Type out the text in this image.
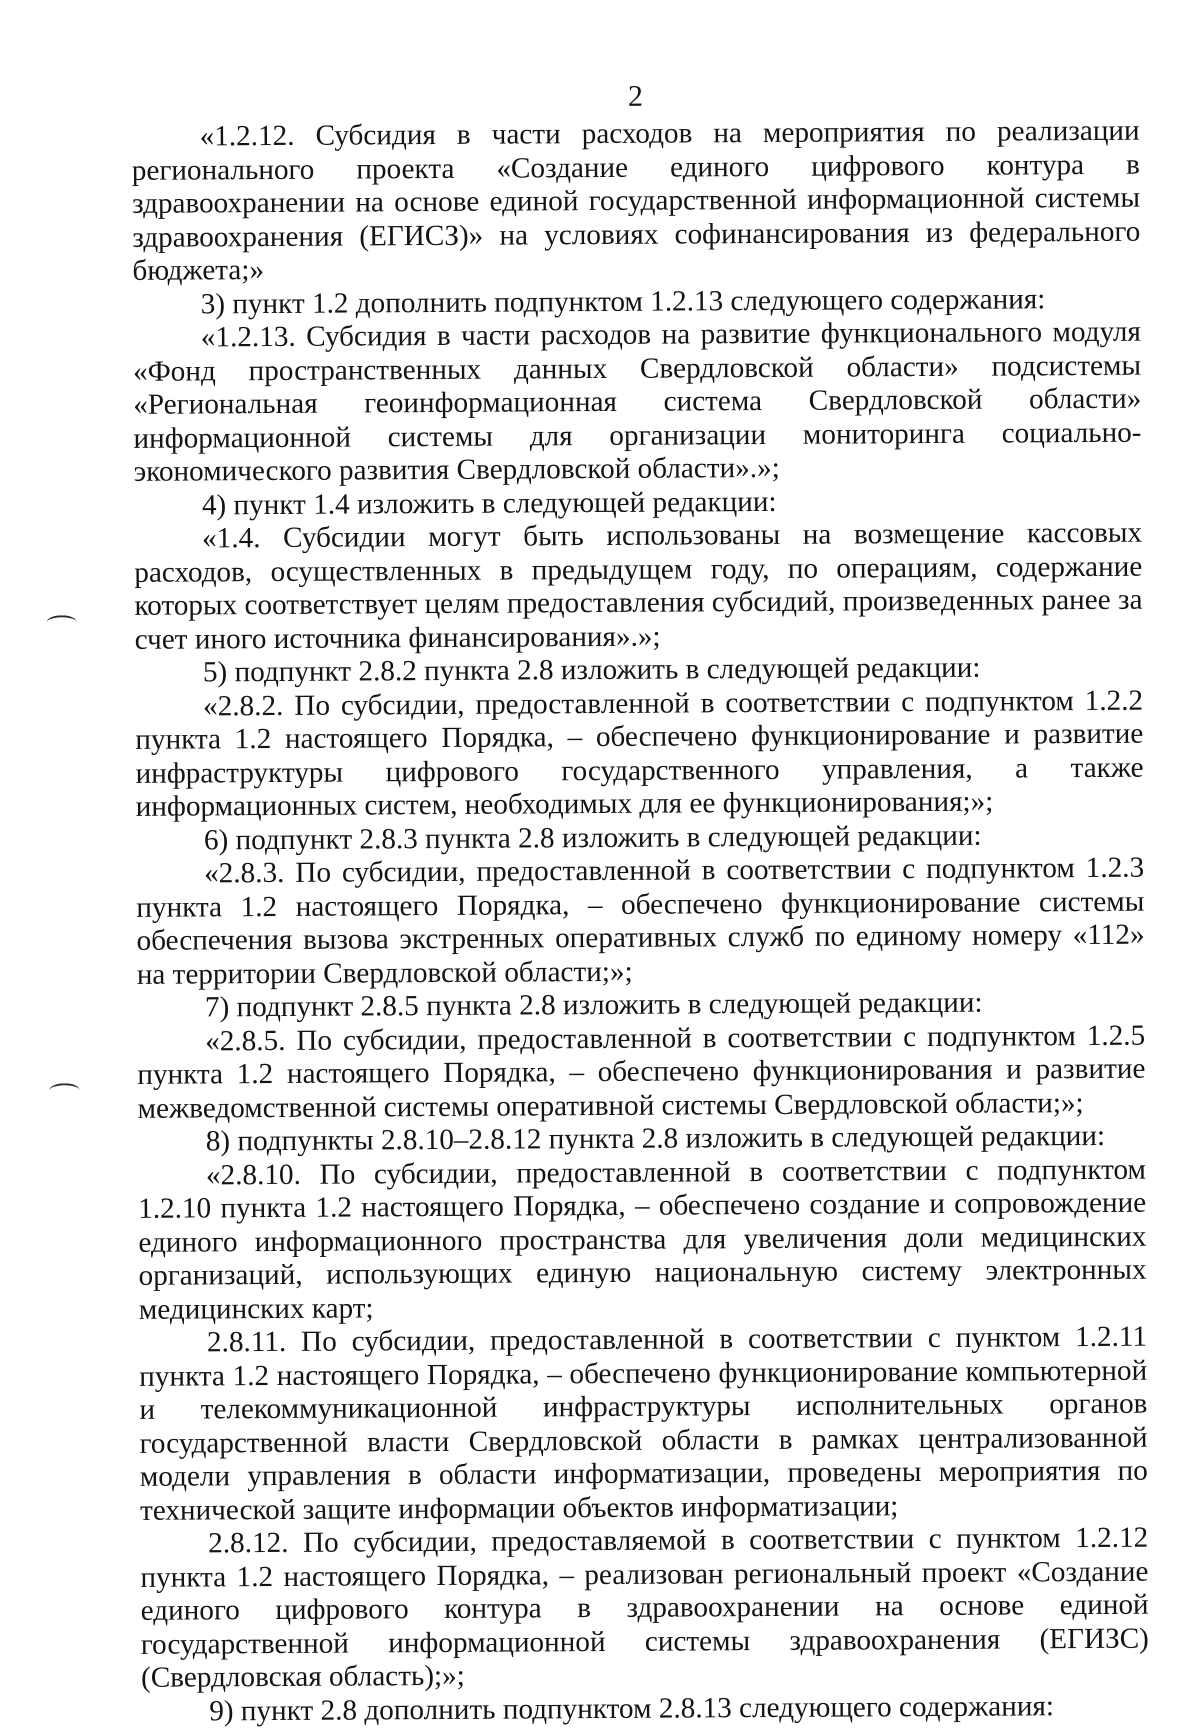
2

«1.2.12. Субсидия в части расходов на мероприятия по реализации регионального проекта «Создание единого цифрового контура в здравоохранении на основе единой государственной информационной системы здравоохранения (ЕГИСЗ)» на условиях софинансирования из федерального бюджета;»

3) пункт 1.2 дополнить подпунктом 1.2.13 следующего содержания:

«1.2.13. Субсидия в части расходов на развитие функционального модуля «Фонд пространственных данных Свердловской области» подсистемы «Региональная геоинформационная система Свердловской области» информационной системы для организации мониторинга социально-экономического развития Свердловской области».»;

4) пункт 1.4 изложить в следующей редакции:

«1.4. Субсидии могут быть использованы на возмещение кассовых расходов, осуществленных в предыдущем году, по операциям, содержание которых соответствует целям предоставления субсидий, произведенных ранее за счет иного источника финансирования».»;

5) подпункт 2.8.2 пункта 2.8 изложить в следующей редакции:

«2.8.2. По субсидии, предоставленной в соответствии с подпунктом 1.2.2 пункта 1.2 настоящего Порядка, – обеспечено функционирование и развитие инфраструктуры цифрового государственного управления, а также информационных систем, необходимых для ее функционирования;»;

6) подпункт 2.8.3 пункта 2.8 изложить в следующей редакции:

«2.8.3. По субсидии, предоставленной в соответствии с подпунктом 1.2.3 пункта 1.2 настоящего Порядка, – обеспечено функционирование системы обеспечения вызова экстренных оперативных служб по единому номеру «112» на территории Свердловской области;»;

7) подпункт 2.8.5 пункта 2.8 изложить в следующей редакции:

«2.8.5. По субсидии, предоставленной в соответствии с подпунктом 1.2.5 пункта 1.2 настоящего Порядка, – обеспечено функционирования и развитие межведомственной системы оперативной системы Свердловской области;»;

8) подпункты 2.8.10–2.8.12 пункта 2.8 изложить в следующей редакции:

«2.8.10. По субсидии, предоставленной в соответствии с подпунктом 1.2.10 пункта 1.2 настоящего Порядка, – обеспечено создание и сопровождение единого информационного пространства для увеличения доли медицинских организаций, использующих единую национальную систему электронных медицинских карт;

2.8.11. По субсидии, предоставленной в соответствии с пунктом 1.2.11 пункта 1.2 настоящего Порядка, – обеспечено функционирование компьютерной и телекоммуникационной инфраструктуры исполнительных органов государственной власти Свердловской области в рамках централизованной модели управления в области информатизации, проведены мероприятия по технической защите информации объектов информатизации;

2.8.12. По субсидии, предоставляемой в соответствии с пунктом 1.2.12 пункта 1.2 настоящего Порядка, – реализован региональный проект «Создание единого цифрового контура в здравоохранении на основе единой государственной информационной системы здравоохранения (ЕГИЗС) (Свердловская область);»;

9) пункт 2.8 дополнить подпунктом 2.8.13 следующего содержания:
